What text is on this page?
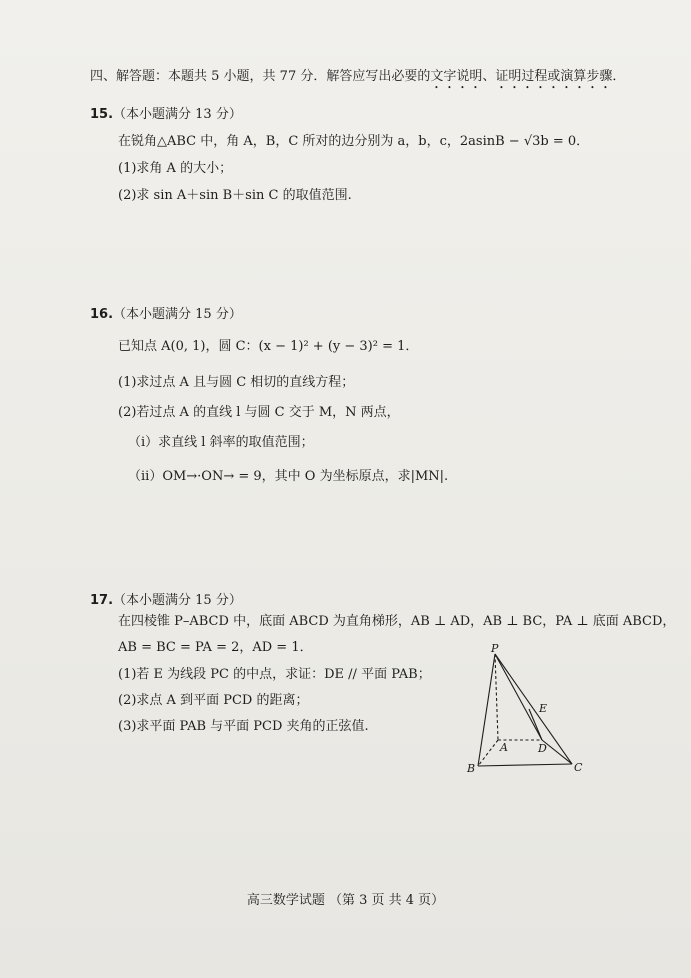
四、解答题：本题共 5 小题，共 77 分．解答应写出必要的文字说明、证明过程或演算步骤．
15.（本小题满分 13 分）
在锐角△ABC 中，角 A，B，C 所对的边分别为 a，b，c，2asinB − √3b = 0．
(1)求角 A 的大小；
(2)求 sin A＋sin B＋sin C 的取值范围.
16.（本小题满分 15 分）
已知点 A(0, 1)，圆 C：(x − 1)² + (y − 3)² = 1．
(1)求过点 A 且与圆 C 相切的直线方程；
(2)若过点 A 的直线 l 与圆 C 交于 M，N 两点，
（i）求直线 l 斜率的取值范围；
（ii）OM→·ON→ = 9，其中 O 为坐标原点，求|MN|.
17.（本小题满分 15 分）
在四棱锥 P–ABCD 中，底面 ABCD 为直角梯形，AB ⊥ AD，AB ⊥ BC，PA ⊥ 底面 ABCD，
AB = BC = PA = 2，AD = 1．
(1)若 E 为线段 PC 的中点，求证：DE // 平面 PAB；
(2)求点 A 到平面 PCD 的距离；
(3)求平面 PAB 与平面 PCD 夹角的正弦值.
P
A
B	C
D
E
高三数学试题 （第 3 页 共 4 页）
